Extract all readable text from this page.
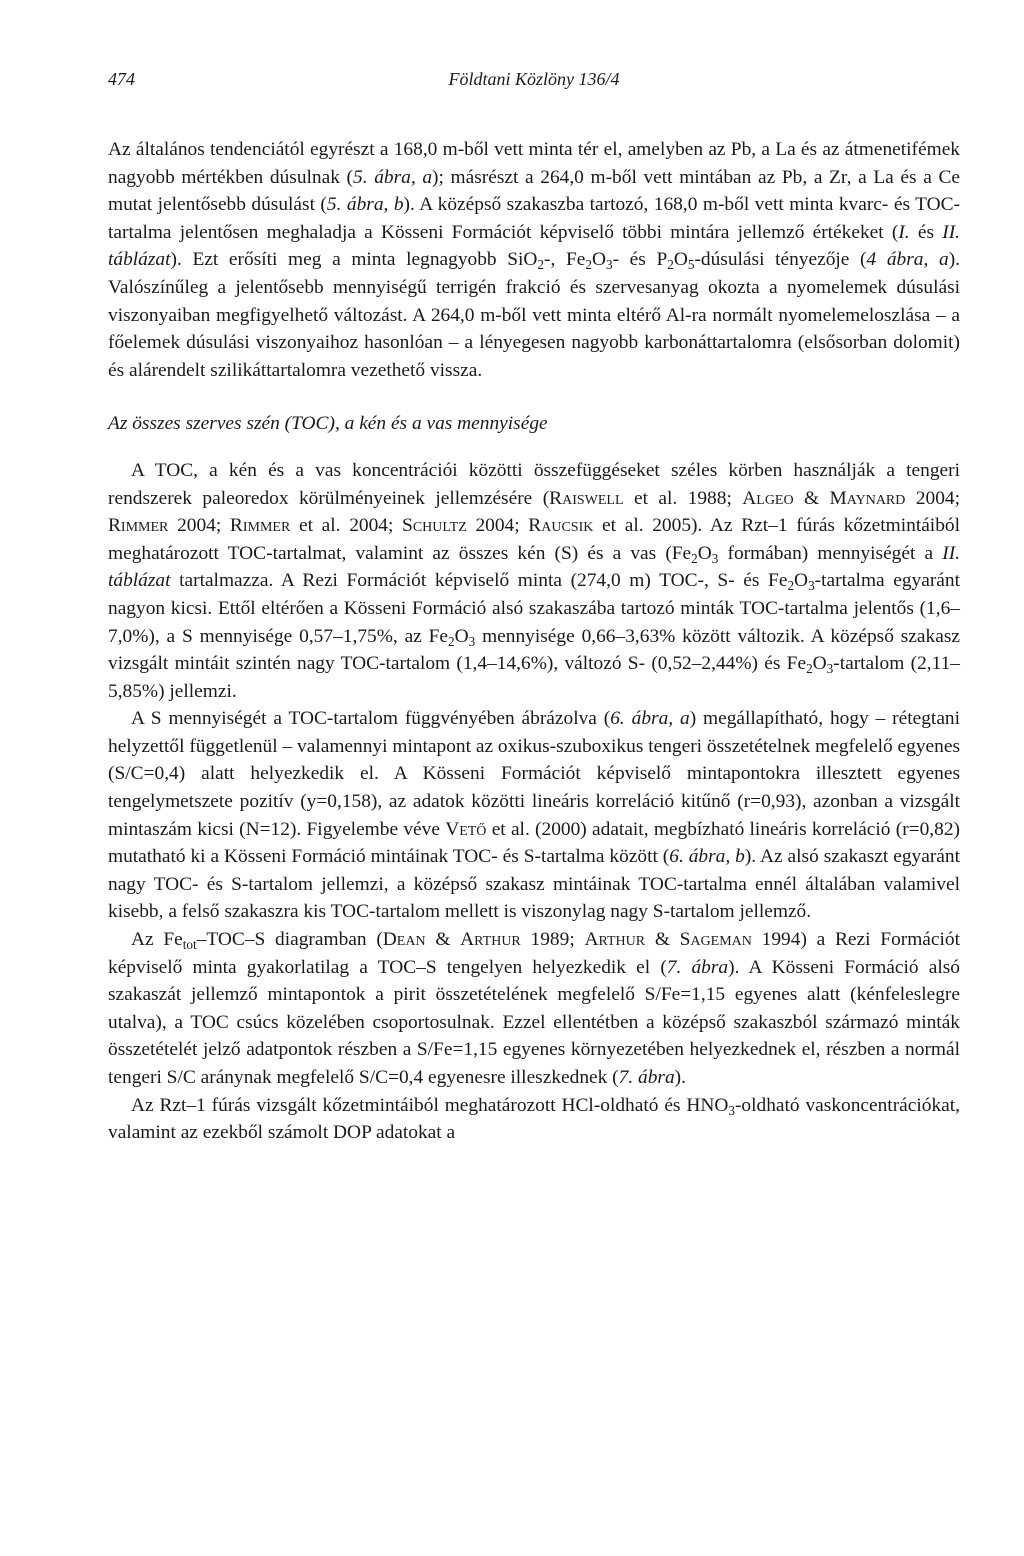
474	Földtani Közlöny 136/4

Az általános tendenciától egyrészt a 168,0 m-ből vett minta tér el, amelyben az Pb, a La és az átmenetifémek nagyobb mértékben dúsulnak (5. ábra, a); másrészt a 264,0 m-ből vett mintában az Pb, a Zr, a La és a Ce mutat jelentősebb dúsulást (5. ábra, b). A középső szakaszba tartozó, 168,0 m-ből vett minta kvarc- és TOC-tartalma jelentősen meghaladja a Kösseni Formációt képviselő többi mintára jellemző értékeket (I. és II. táblázat). Ezt erősíti meg a minta legnagyobb SiO$_2$-, $Fe_2O_3-$ és $P_2O_5$-dúsulási tényezője (4 ábra, a). Valószínűleg a jelentősebb mennyiségű terrigén frakció és szervesanyag okozta a nyomelemek dúsulási viszonyaiban megfigyelhető változást. A 264,0 m-ből vett minta eltérő Al-ra normált nyomelemeloszlása – a főelemek dúsulási viszonyaihoz hasonlóan – a lényegesen nagyobb karbonáttartalomra (elsősorban dolomit) és alárendelt szilikáttartalomra vezethető vissza.

Az összes szerves szén (TOC), a kén és a vas mennyisége

A TOC, a kén és a vas koncentrációi közötti összefüggéseket széles körben használják a tengeri rendszerek paleoredox körülményeinek jellemzésére (Raiswell et al. 1988; Algeo & Maynard 2004; Rimmer 2004; Rimmer et al. 2004; Schultz 2004; Raucsik et al. 2005). Az Rzt–1 fúrás kőzetmintáiból meghatározott TOC-tartalmat, valamint az összes kén (S) és a vas ($Fe_2O_3$ formában) mennyiségét a II. táblázat tartalmazza. A Rezi Formációt képviselő minta (274,0 m) TOC-, S- és $Fe_2O_3$-tartalma egyaránt nagyon kicsi. Ettől eltérően a Kösseni Formáció alsó szakaszába tartozó minták TOC-tartalma jelentős (1,6–7,0%), a S mennyisége 0,57–1,75%, az $Fe_2O_3$ mennyisége 0,66–3,63% között változik. A középső szakasz vizsgált mintáit szintén nagy TOC-tartalom (1,4–14,6%), változó S- (0,52–2,44%) és $Fe_2O_3$-tartalom (2,11–5,85%) jellemzi.

A S mennyiségét a TOC-tartalom függvényében ábrázolva (6. ábra, a) megállapítható, hogy – rétegtani helyzettől függetlenül – valamennyi mintapont az oxikus-szuboxikus tengeri összetételnek megfelelő egyenes (S/C=0,4) alatt helyezkedik el. A Kösseni Formációt képviselő mintapontokra illesztett egyenes tengelymetszete pozitív (y=0,158), az adatok közötti lineáris korreláció kitűnő (r=0,93), azonban a vizsgált mintaszám kicsi (N=12). Figyelembe véve Vető et al. (2000) adatait, megbízható lineáris korreláció (r=0,82) mutatható ki a Kösseni Formáció mintáinak TOC- és S-tartalma között (6. ábra, b). Az alsó szakaszt egyaránt nagy TOC- és S-tartalom jellemzi, a középső szakasz mintáinak TOC-tartalma ennél általában valamivel kisebb, a felső szakaszra kis TOC-tartalom mellett is viszonylag nagy S-tartalom jellemző.

Az $Fe_{tot}-TOC-S$ diagramban (Dean & Arthur 1989; Arthur & Sageman 1994) a Rezi Formációt képviselő minta gyakorlatilag a TOC–S tengelyen helyezkedik el (7. ábra). A Kösseni Formáció alsó szakaszát jellemző mintapontok a pirit összetételének megfelelő S/Fe=1,15 egyenes alatt (kénfeleslegre utalva), a TOC csúcs közelében csoportosulnak. Ezzel ellentétben a középső szakaszból származó minták összetételét jelző adatpontok részben a S/Fe=1,15 egyenes környezetében helyezkednek el, részben a normál tengeri S/C aránynak megfelelő S/C=0,4 egyenesre illeszkednek (7. ábra).

Az Rzt–1 fúrás vizsgált kőzetmintáiból meghatározott HCl-oldható és $HNO_3$-oldható vaskoncentrációkat, valamint az ezekből számolt DOP adatokat a
